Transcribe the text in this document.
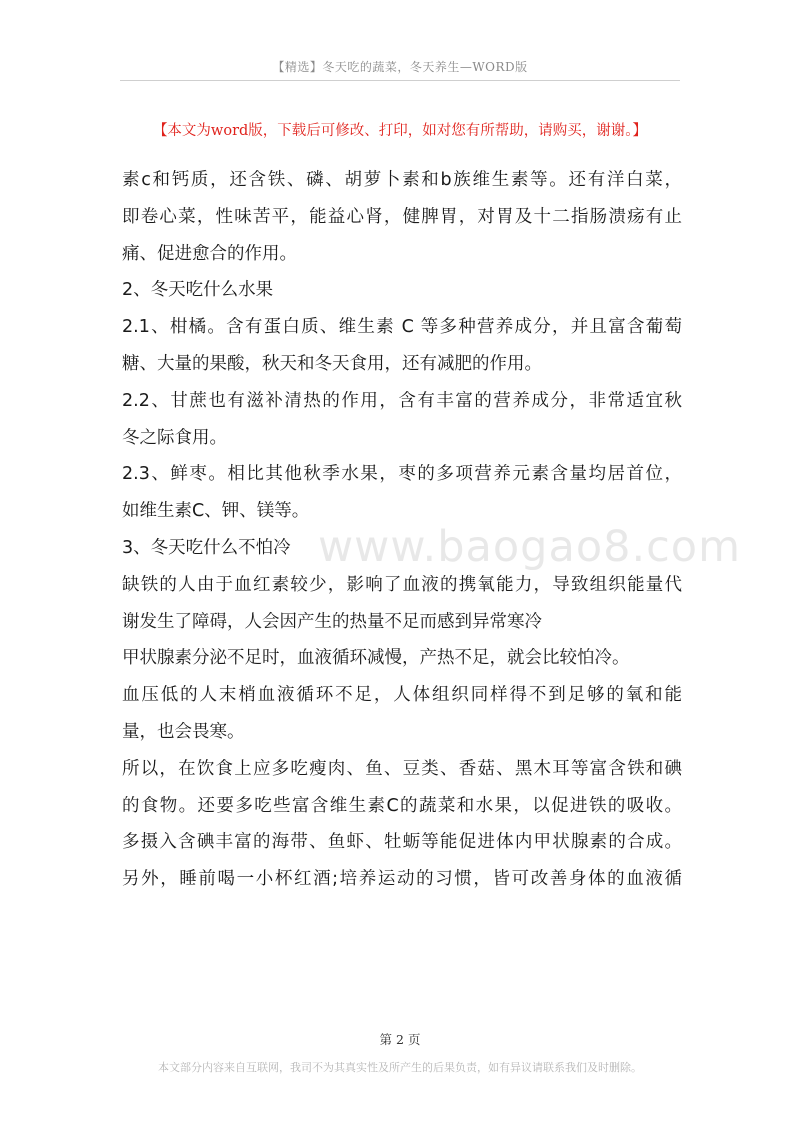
【精选】冬天吃的蔬菜，冬天养生—WORD版
【本文为word版，下载后可修改、打印，如对您有所帮助，请购买，谢谢。】
素c和钙质，还含铁、磷、胡萝卜素和b族维生素等。还有洋白菜，
即卷心菜，性味苦平，能益心肾，健脾胃，对胃及十二指肠溃疡有止
痛、促进愈合的作用。
2、冬天吃什么水果
2.1、柑橘。含有蛋白质、维生素 C 等多种营养成分，并且富含葡萄
糖、大量的果酸，秋天和冬天食用，还有减肥的作用。
2.2、甘蔗也有滋补清热的作用，含有丰富的营养成分，非常适宜秋
冬之际食用。
2.3、鲜枣。相比其他秋季水果，枣的多项营养元素含量均居首位，
如维生素C、钾、镁等。
3、冬天吃什么不怕冷
缺铁的人由于血红素较少，影响了血液的携氧能力，导致组织能量代
谢发生了障碍，人会因产生的热量不足而感到异常寒冷
甲状腺素分泌不足时，血液循环减慢，产热不足，就会比较怕冷。
血压低的人末梢血液循环不足，人体组织同样得不到足够的氧和能
量，也会畏寒。
所以，在饮食上应多吃瘦肉、鱼、豆类、香菇、黑木耳等富含铁和碘
的食物。还要多吃些富含维生素C的蔬菜和水果，以促进铁的吸收。
多摄入含碘丰富的海带、鱼虾、牡蛎等能促进体内甲状腺素的合成。
另外，睡前喝一小杯红酒;培养运动的习惯，皆可改善身体的血液循
www.baogao8.com
第 2 页
本文部分内容来自互联网，我司不为其真实性及所产生的后果负责，如有异议请联系我们及时删除。
